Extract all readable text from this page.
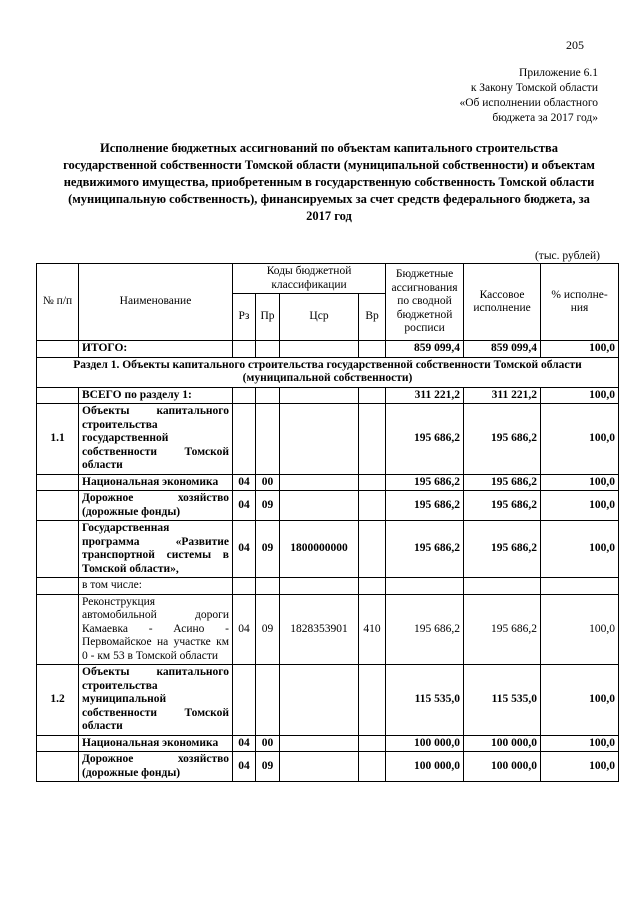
205
Приложение 6.1
к Закону Томской области
«Об исполнении областного
бюджета за 2017 год»
Исполнение бюджетных ассигнований по объектам капитального строительства государственной собственности Томской области (муниципальной собственности) и объектам недвижимого имущества, приобретенным в государственную собственность Томской области (муниципальную собственность), финансируемых за счет средств федерального бюджета, за 2017 год
(тыс. рублей)
№ п/п	Наименование	Коды бюджетной классификации				Бюджетные ассигнования по сводной бюджетной росписи	Кассовое исполнение	% исполне-ния
		Рз	Пр	Цср	Вр			
	ИТОГО:					859 099,4	859 099,4	100,0
Раздел 1. Объекты капитального строительства государственной собственности Томской области (муниципальной собственности)								
	ВСЕГО по разделу 1:					311 221,2	311 221,2	100,0
1.1	Объекты капитального строительства государственной собственности Томской области					195 686,2	195 686,2	100,0
	Национальная экономика	04	00			195 686,2	195 686,2	100,0
	Дорожное хозяйство (дорожные фонды)	04	09			195 686,2	195 686,2	100,0
	Государственная программа «Развитие транспортной системы в Томской области»,	04	09	1800000000		195 686,2	195 686,2	100,0
	в том числе:							
	Реконструкция автомобильной дороги Камаевка - Асино - Первомайское на участке км 0 - км 53 в Томской области	04	09	1828353901	410	195 686,2	195 686,2	100,0
1.2	Объекты капитального строительства муниципальной собственности Томской области					115 535,0	115 535,0	100,0
	Национальная экономика	04	00			100 000,0	100 000,0	100,0
	Дорожное хозяйство (дорожные фонды)	04	09			100 000,0	100 000,0	100,0
